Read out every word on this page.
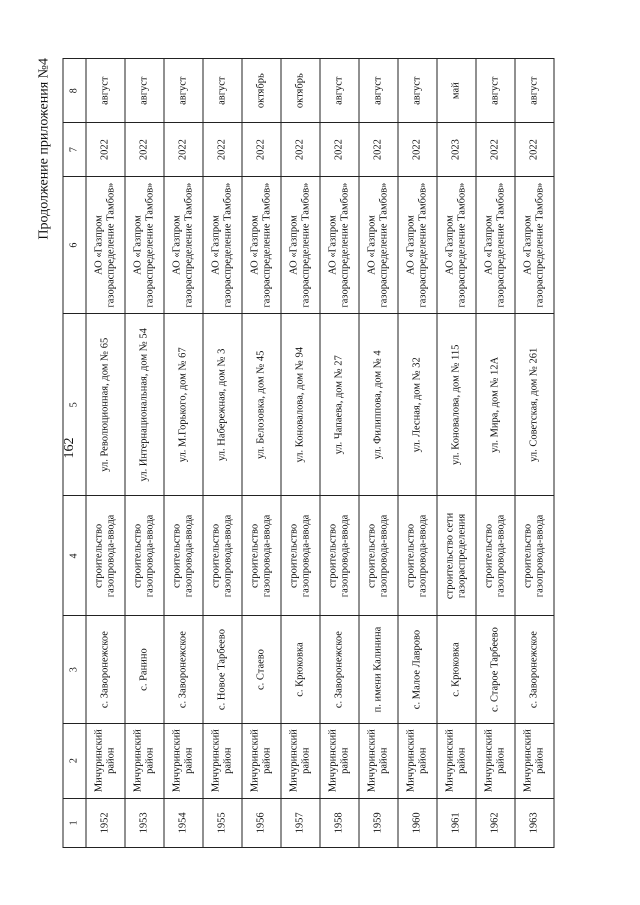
162
Продолжение приложения №4
1	2	3	4	5	6	7	8
1952	Мичуринский район	с. Заворонежское	строительство газопровода-ввода	ул. Революционная, дом № 65	АО «Газпром газораспределение Тамбов»	2022	август
1953	Мичуринский район	с. Ранино	строительство газопровода-ввода	ул. Интернациональная, дом № 54	АО «Газпром газораспределение Тамбов»	2022	август
1954	Мичуринский район	с. Заворонежское	строительство газопровода-ввода	ул. М.Горького, дом № 67	АО «Газпром газораспределение Тамбов»	2022	август
1955	Мичуринский район	с. Новое Тарбеево	строительство газопровода-ввода	ул. Набережная, дом № 3	АО «Газпром газораспределение Тамбов»	2022	август
1956	Мичуринский район	с. Стаево	строительство газопровода-ввода	ул. Белозовка, дом № 45	АО «Газпром газораспределение Тамбов»	2022	октябрь
1957	Мичуринский район	с. Крюковка	строительство газопровода-ввода	ул. Коновалова, дом № 94	АО «Газпром газораспределение Тамбов»	2022	октябрь
1958	Мичуринский район	с. Заворонежское	строительство газопровода-ввода	ул. Чапаева, дом № 27	АО «Газпром газораспределение Тамбов»	2022	август
1959	Мичуринский район	п. имени Калинина	строительство газопровода-ввода	ул. Филиппова, дом № 4	АО «Газпром газораспределение Тамбов»	2022	август
1960	Мичуринский район	с. Малое Лаврово	строительство газопровода-ввода	ул. Лесная, дом № 32	АО «Газпром газораспределение Тамбов»	2022	август
1961	Мичуринский район	с. Крюковка	строительство сети газораспределения	ул. Коновалова, дом № 115	АО «Газпром газораспределение Тамбов»	2023	май
1962	Мичуринский район	с. Старое Тарбеево	строительство газопровода-ввода	ул. Мира, дом № 12А	АО «Газпром газораспределение Тамбов»	2022	август
1963	Мичуринский район	с. Заворонежское	строительство газопровода-ввода	ул. Советская, дом № 261	АО «Газпром газораспределение Тамбов»	2022	август
